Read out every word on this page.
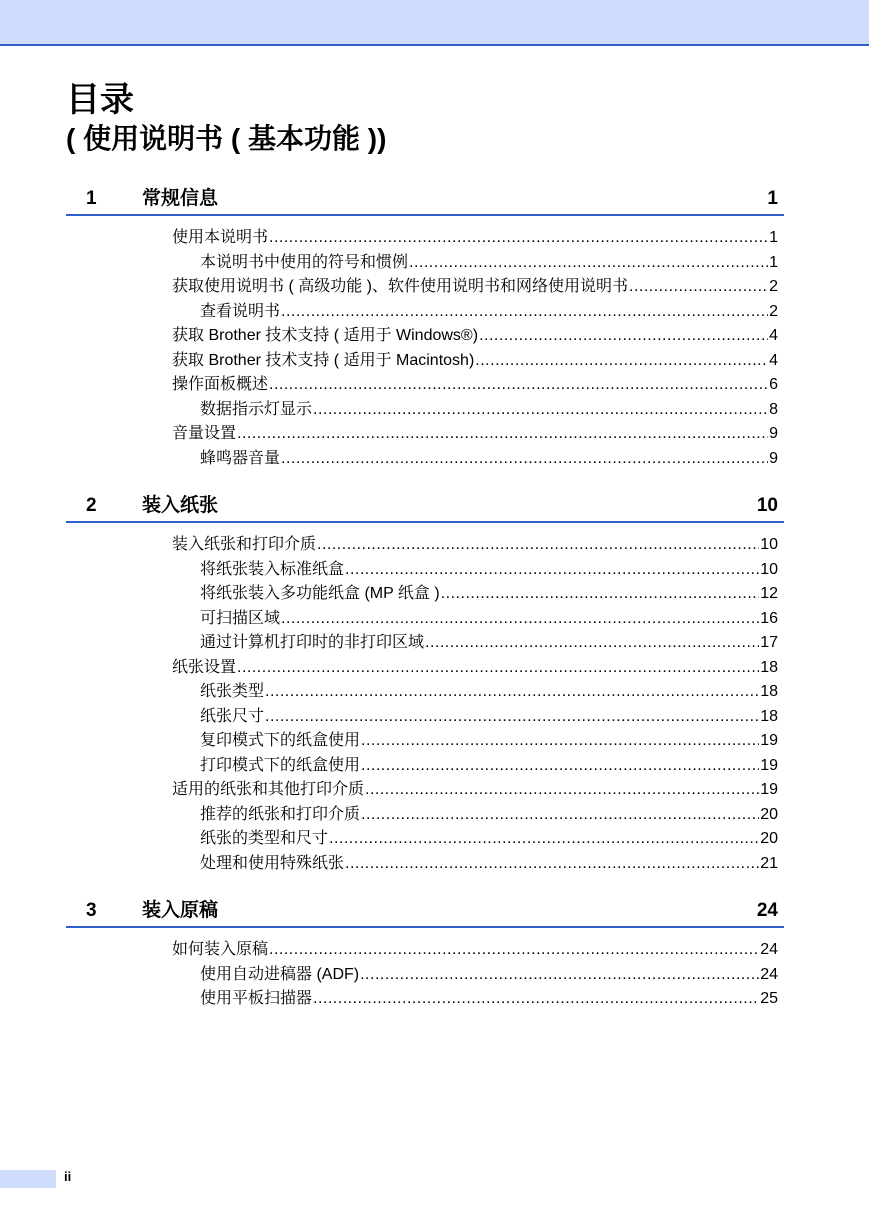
目录
( 使用说明书 ( 基本功能 ))
1 常规信息	1
使用本说明书 .....	1
本说明书中使用的符号和惯例 .....	1
获取使用说明书 ( 高级功能 )、软件使用说明书和网络使用说明书 .....	2
查看说明书 .....	2
获取 Brother 技术支持 ( 适用于 Windows®) .....	4
获取 Brother 技术支持 ( 适用于 Macintosh) .....	4
操作面板概述 .....	6
数据指示灯显示 .....	8
音量设置 .....	9
蜂鸣器音量 .....	9
2 装入纸张	10
装入纸张和打印介质 .....	10
将纸张装入标准纸盒 .....	10
将纸张装入多功能纸盒 (MP 纸盒 ) .....	12
可扫描区域 .....	16
通过计算机打印时的非打印区域 .....	17
纸张设置 .....	18
纸张类型 .....	18
纸张尺寸 .....	18
复印模式下的纸盒使用 .....	19
打印模式下的纸盒使用 .....	19
适用的纸张和其他打印介质 .....	19
推荐的纸张和打印介质 .....	20
纸张的类型和尺寸 .....	20
处理和使用特殊纸张 .....	21
3 装入原稿	24
如何装入原稿 .....	24
使用自动进稿器 (ADF) .....	24
使用平板扫描器 .....	25
ii
